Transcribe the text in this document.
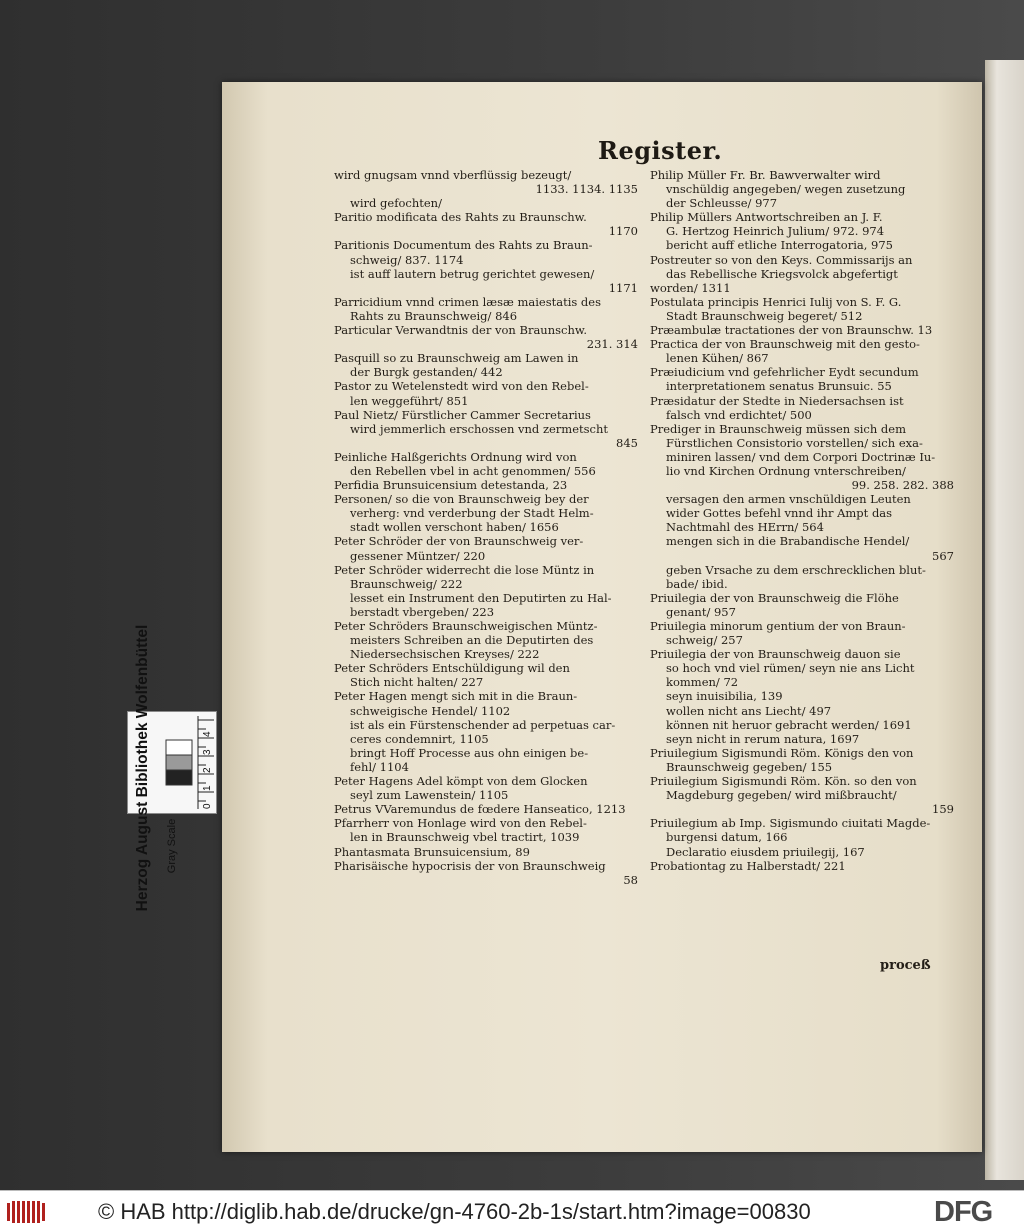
Register.
wird gnugsam vnnd vberflüssig bezeugt/
1133. 1134. 1135
wird gefochten/
Paritio modificata des Rahts zu Braunschw.
1170
Paritionis Documentum des Rahts zu Braun-
schweig/ 837. 1174
ist auff lautern betrug gerichtet gewesen/
1171
Parricidium vnnd crimen læsæ maiestatis des
Rahts zu Braunschweig/ 846
Particular Verwandtnis der von Braunschw.
231. 314
Pasquill so zu Braunschweig am Lawen in
der Burgk gestanden/ 442
Pastor zu Wetelenstedt wird von den Rebel-
len weggeführt/ 851
Paul Nietz/ Fürstlicher Cammer Secretarius
wird jemmerlich erschossen vnd zermetscht
845
Peinliche Halßgerichts Ordnung wird von
den Rebellen vbel in acht genommen/ 556
Perfidia Brunsuicensium detestanda, 23
Personen/ so die von Braunschweig bey der
verherg: vnd verderbung der Stadt Helm-
stadt wollen verschont haben/ 1656
Peter Schröder der von Braunschweig ver-
gessener Müntzer/ 220
Peter Schröder widerrecht die lose Müntz in
Braunschweig/ 222
lesset ein Instrument den Deputirten zu Hal-
berstadt vbergeben/ 223
Peter Schröders Braunschweigischen Müntz-
meisters Schreiben an die Deputirten des
Niedersechsischen Kreyses/ 222
Peter Schröders Entschüldigung wil den
Stich nicht halten/ 227
Peter Hagen mengt sich mit in die Braun-
schweigische Hendel/ 1102
ist als ein Fürstenschender ad perpetuas car-
ceres condemnirt, 1105
bringt Hoff Processe aus ohn einigen be-
fehl/ 1104
Peter Hagens Adel kömpt von dem Glocken
seyl zum Lawenstein/ 1105
Petrus VVaremundus de fœdere Hanseatico, 1213
Pfarrherr von Honlage wird von den Rebel-
len in Braunschweig vbel tractirt, 1039
Phantasmata Brunsuicensium, 89
Pharisäische hypocrisis der von Braunschweig
58
Philip Müller Fr. Br. Bawverwalter wird
vnschüldig angegeben/ wegen zusetzung
der Schleusse/ 977
Philip Müllers Antwortschreiben an J. F.
G. Hertzog Heinrich Julium/ 972. 974
bericht auff etliche Interrogatoria, 975
Postreuter so von den Keys. Commissarijs an
das Rebellische Kriegsvolck abgefertigt
worden/ 1311
Postulata principis Henrici Iulij von S. F. G.
Stadt Braunschweig begeret/ 512
Præambulæ tractationes der von Braunschw. 13
Practica der von Braunschweig mit den gesto-
lenen Kühen/ 867
Præiudicium vnd gefehrlicher Eydt secundum
interpretationem senatus Brunsuic. 55
Præsidatur der Stedte in Niedersachsen ist
falsch vnd erdichtet/ 500
Prediger in Braunschweig müssen sich dem
Fürstlichen Consistorio vorstellen/ sich exa-
miniren lassen/ vnd dem Corpori Doctrinæ Iu-
lio vnd Kirchen Ordnung vnterschreiben/
99. 258. 282. 388
versagen den armen vnschüldigen Leuten
wider Gottes befehl vnnd ihr Ampt das
Nachtmahl des HErrn/ 564
mengen sich in die Brabandische Hendel/
567
geben Vrsache zu dem erschrecklichen blut-
bade/ ibid.
Priuilegia der von Braunschweig die Flöhe
genant/ 957
Priuilegia minorum gentium der von Braun-
schweig/ 257
Priuilegia der von Braunschweig dauon sie
so hoch vnd viel rümen/ seyn nie ans Licht
kommen/ 72
seyn inuisibilia, 139
wollen nicht ans Liecht/ 497
können nit heruor gebracht werden/ 1691
seyn nicht in rerum natura, 1697
Priuilegium Sigismundi Röm. Königs den von
Braunschweig gegeben/ 155
Priuilegium Sigismundi Röm. Kön. so den von
Magdeburg gegeben/ wird mißbraucht/
159
Priuilegium ab Imp. Sigismundo ciuitati Magde-
burgensi datum, 166
Declaratio eiusdem priuilegij, 167
Probationtag zu Halberstadt/ 221
proceß
0
1
2
3
4
Herzog August Bibliothek Wolfenbüttel Gray Scale
© HAB http://diglib.hab.de/drucke/gn-4760-2b-1s/start.htm?image=00830	DFG
